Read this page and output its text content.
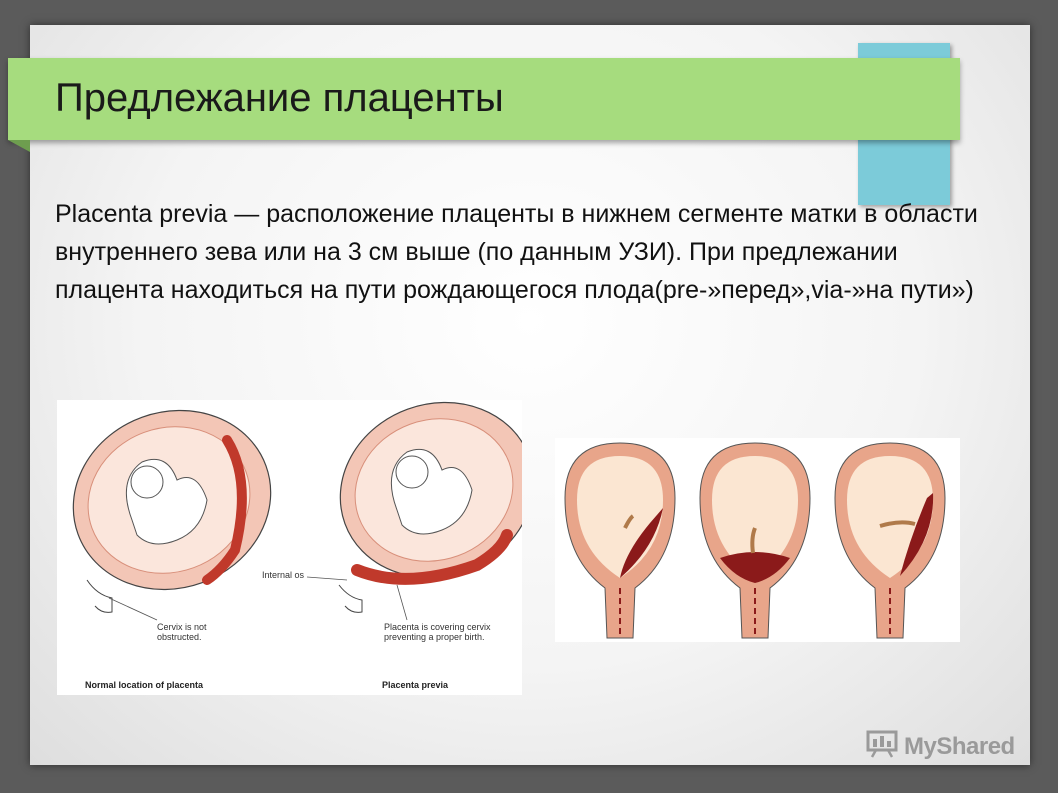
Предлежание плаценты
Placenta previa — расположение плаценты в нижнем сегменте матки в области внутреннего зева или на 3 см выше (по данным УЗИ). При предлежании плацента находиться на пути рождающегося плода(pre-»перед»,via-»на пути»)
Internal os
Cervix is not obstructed.
Placenta is covering cervix preventing a proper birth.
Normal location of placenta	Placenta previa
MyShared
